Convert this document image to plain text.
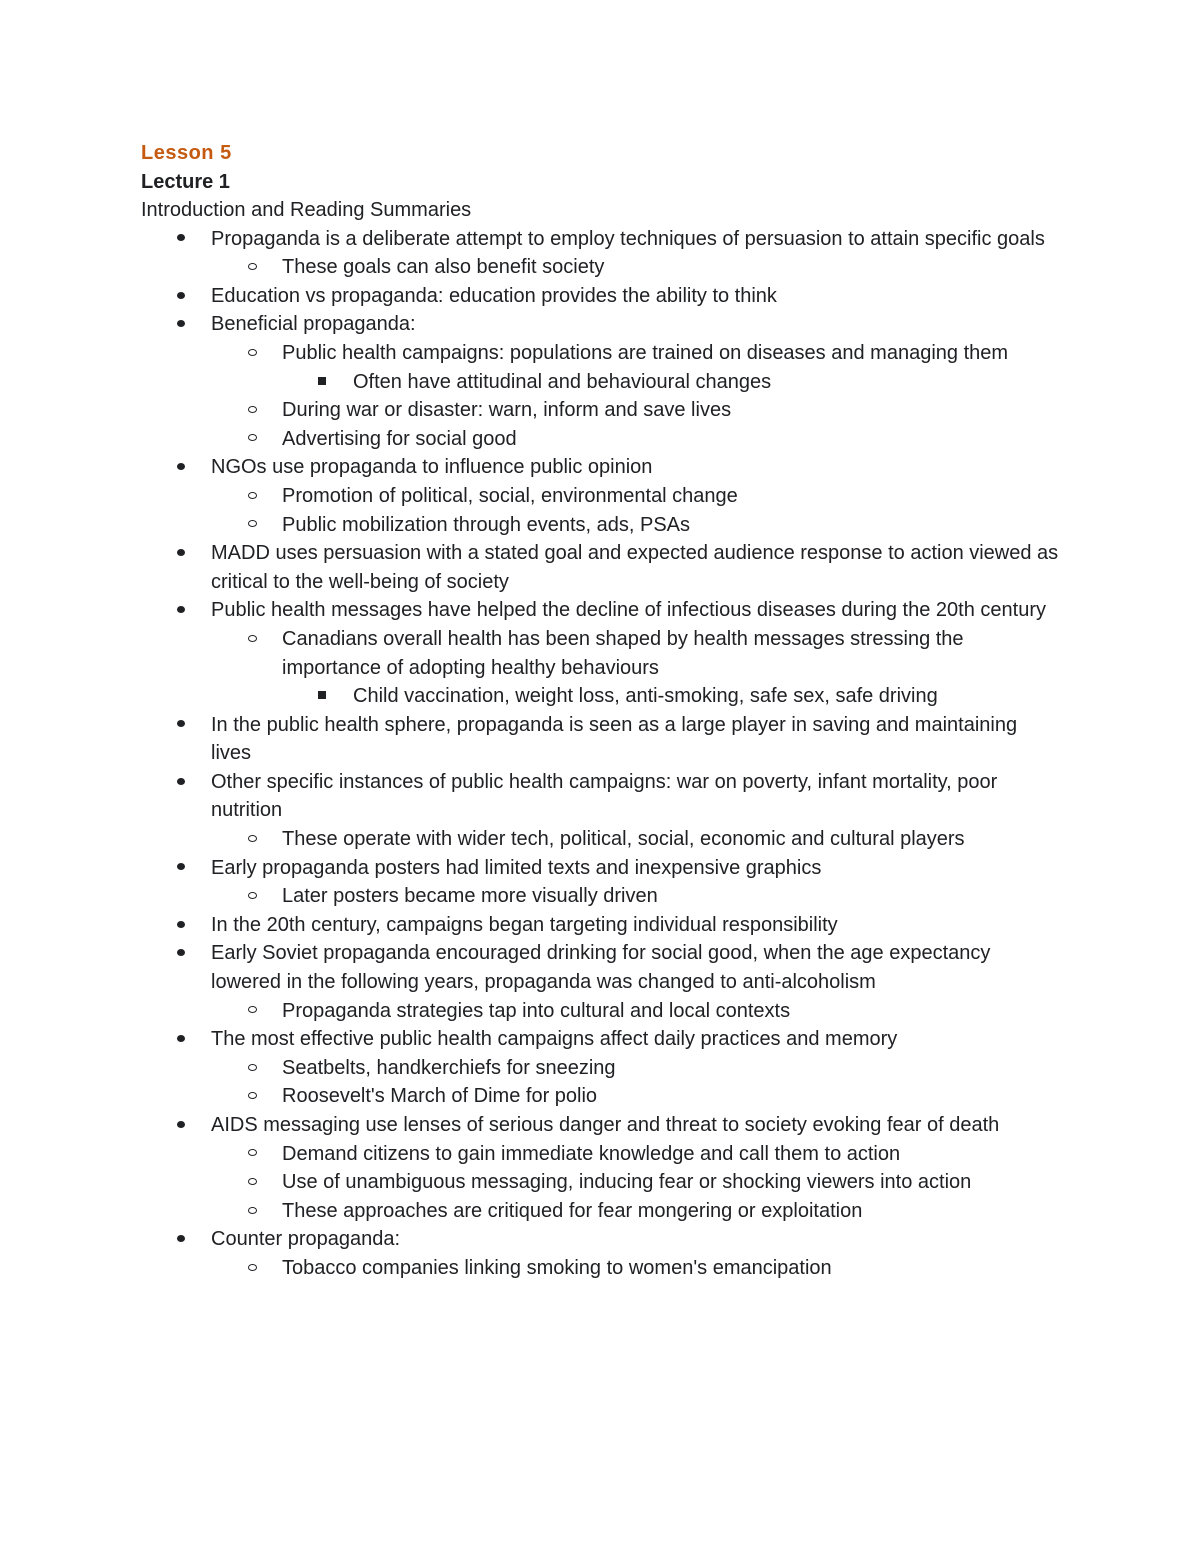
Lesson 5
Lecture 1
Introduction and Reading Summaries
Propaganda is a deliberate attempt to employ techniques of persuasion to attain specific goals
These goals can also benefit society
Education vs propaganda: education provides the ability to think
Beneficial propaganda:
Public health campaigns: populations are trained on diseases and managing them
Often have attitudinal and behavioural changes
During war or disaster: warn, inform and save lives
Advertising for social good
NGOs use propaganda to influence public opinion
Promotion of political, social, environmental change
Public mobilization through events, ads, PSAs
MADD uses persuasion with a stated goal and expected audience response to action viewed as critical to the well-being of society
Public health messages have helped the decline of infectious diseases during the 20th century
Canadians overall health has been shaped by health messages stressing the importance of adopting healthy behaviours
Child vaccination, weight loss, anti-smoking, safe sex, safe driving
In the public health sphere, propaganda is seen as a large player in saving and maintaining lives
Other specific instances of public health campaigns: war on poverty, infant mortality, poor nutrition
These operate with wider tech, political, social, economic and cultural players
Early propaganda posters had limited texts and inexpensive graphics
Later posters became more visually driven
In the 20th century, campaigns began targeting individual responsibility
Early Soviet propaganda encouraged drinking for social good, when the age expectancy lowered in the following years, propaganda was changed to anti-alcoholism
Propaganda strategies tap into cultural and local contexts
The most effective public health campaigns affect daily practices and memory
Seatbelts, handkerchiefs for sneezing
Roosevelt's March of Dime for polio
AIDS messaging use lenses of serious danger and threat to society evoking fear of death
Demand citizens to gain immediate knowledge and call them to action
Use of unambiguous messaging, inducing fear or shocking viewers into action
These approaches are critiqued for fear mongering or exploitation
Counter propaganda:
Tobacco companies linking smoking to women's emancipation
